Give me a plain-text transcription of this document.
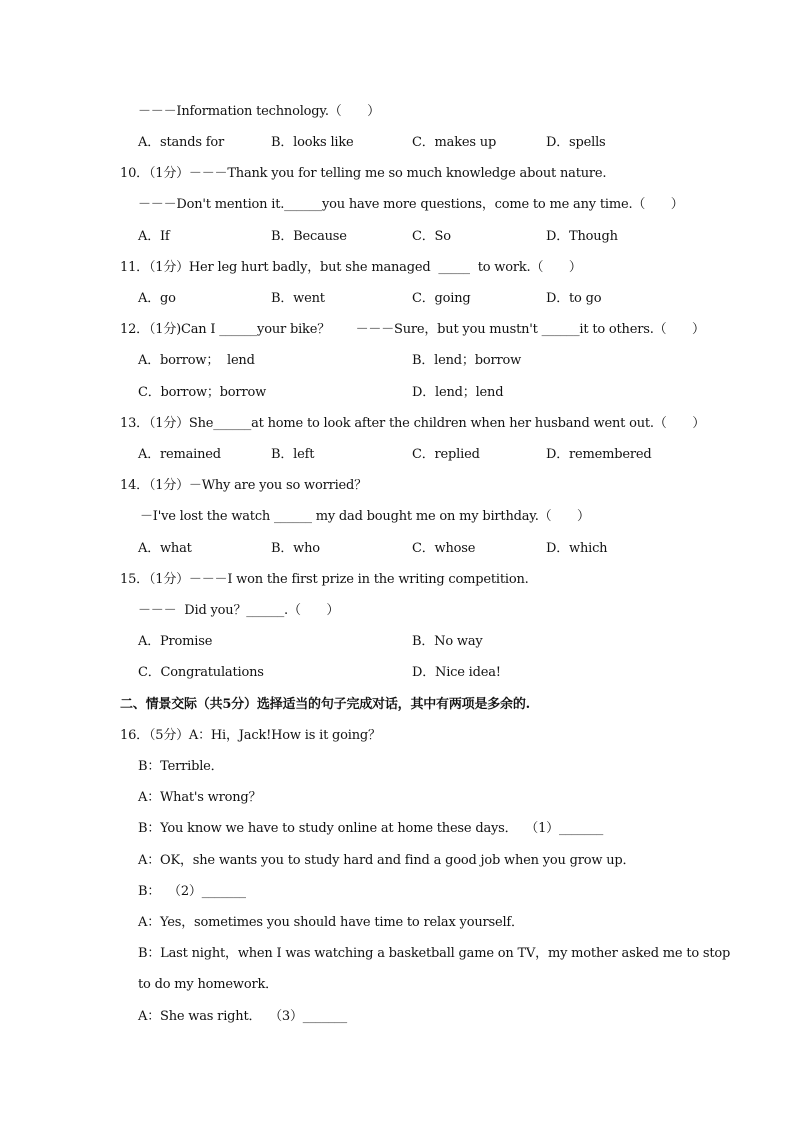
－－－Information technology.（　　）
A．stands for	B．looks like	C．makes up	D．spells
10．（1分）－－－Thank you for telling me so much knowledge about nature.
－－－Don't mention it.______you have more questions，come to me any time.（　　）
A．If	B．Because	C．So	D．Though
11．（1分）Her leg hurt badly，but she managed  _____  to work.（　　）
A．go	B．went	C．going	D．to go
12．（1分)Can I ______your bike？　　－－－Sure，but you mustn't ______it to others.（　　）
A．borrow；  lend	B．lend；borrow
C．borrow；borrow	D．lend；lend
13．（1分）She______at home to look after the children when her husband went out.（　　）
A．remained	B．left	C．replied	D．remembered
14．（1分）－Why are you so worried？
－I've lost the watch ______ my dad bought me on my birthday.（　　）
A．what	B．who	C．whose	D．which
15．（1分）－－－I won the first prize in the writing competition.
－－－  Did you？______.（　　）
A．Promise	B．No way
C．Congratulations	D．Nice idea!
二、情景交际（共5分）选择适当的句子完成对话，其中有两项是多余的.
16．（5分）A：Hi，Jack!How is it going？
B：Terrible．
A：What's wrong？
B：You know we have to study online at home these days．  （1）_______
A：OK，she wants you to study hard and find a good job when you grow up．
B：  （2）_______
A：Yes，sometimes you should have time to relax yourself．
B：Last night，when I was watching a basketball game on TV，my mother asked me to stop
to do my homework．
A：She was right．  （3）_______
